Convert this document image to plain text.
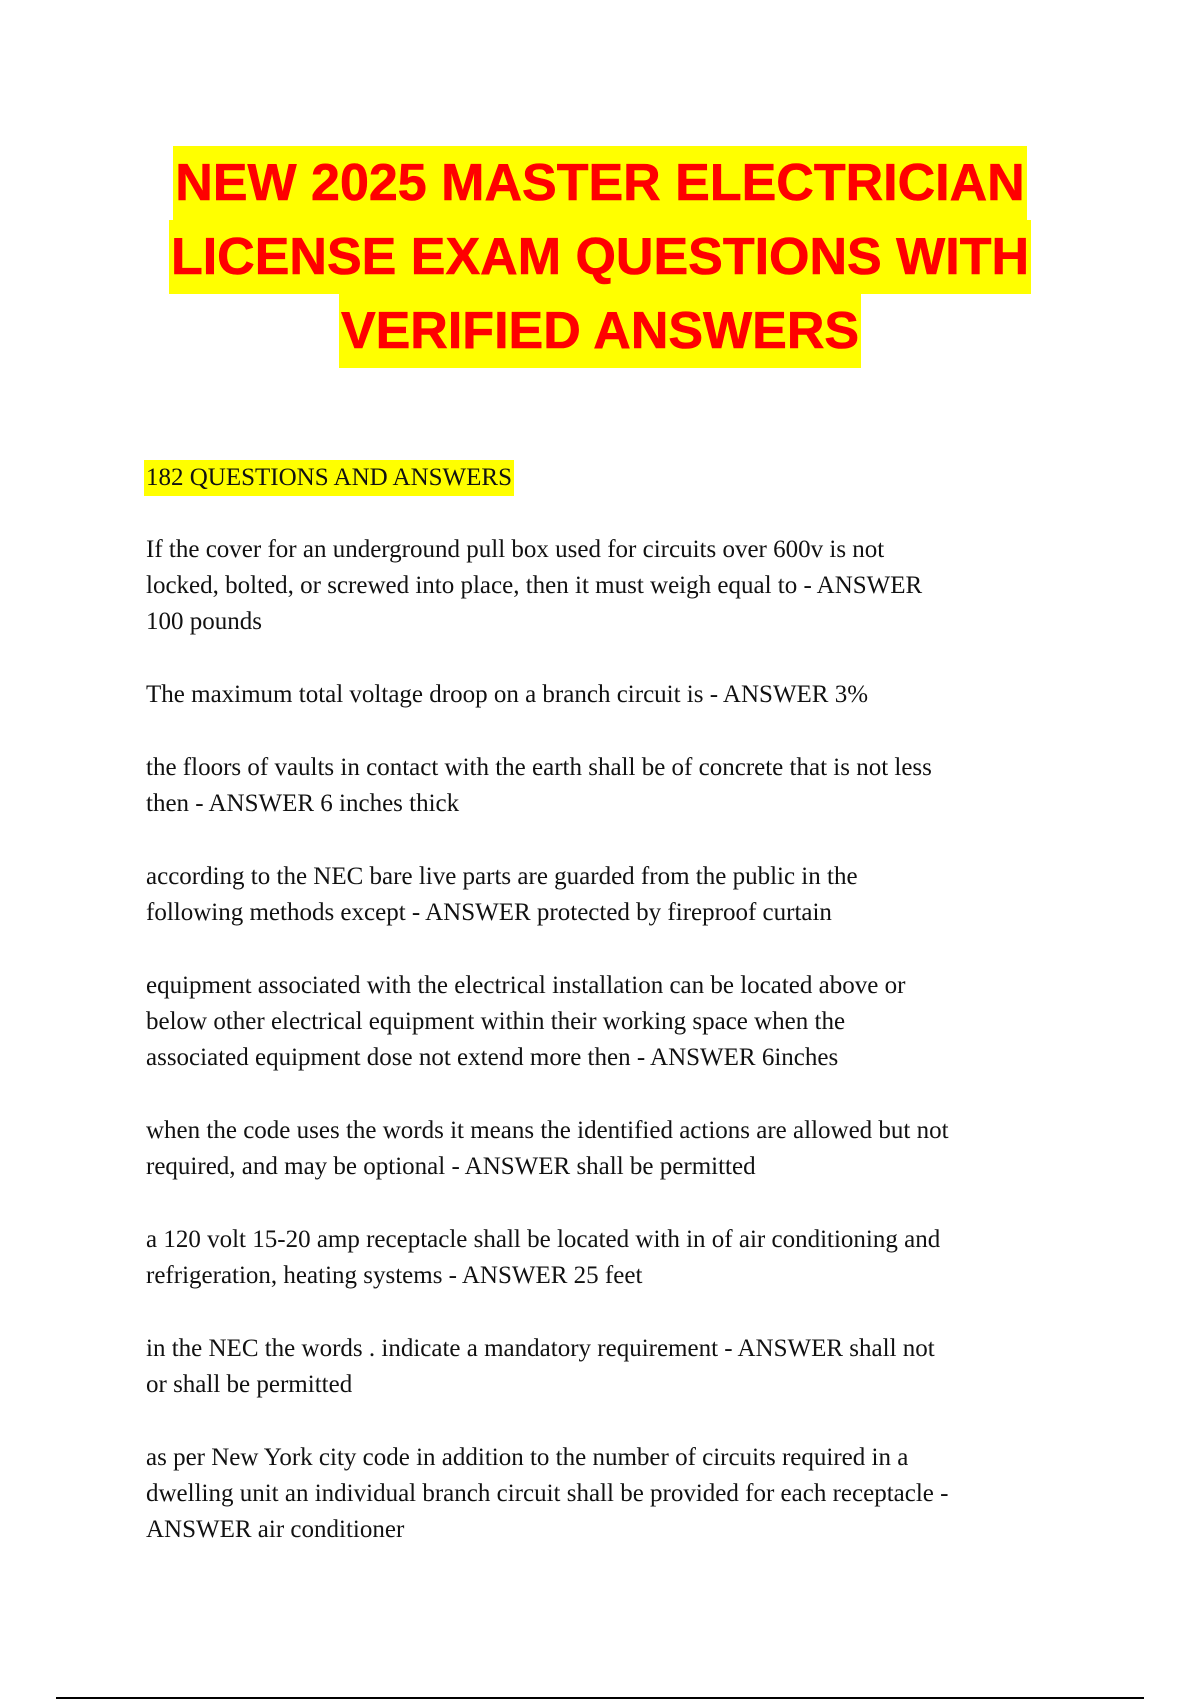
NEW 2025 MASTER ELECTRICIAN
LICENSE EXAM QUESTIONS WITH
VERIFIED ANSWERS
182 QUESTIONS AND ANSWERS
If the cover for an underground pull box used for circuits over 600v is not
locked, bolted, or screwed into place, then it must weigh equal to - ANSWER
100 pounds
The maximum total voltage droop on a branch circuit is - ANSWER 3%
the floors of vaults in contact with the earth shall be of concrete that is not less
then - ANSWER 6 inches thick
according to the NEC bare live parts are guarded from the public in the
following methods except - ANSWER protected by fireproof curtain
equipment associated with the electrical installation can be located above or
below other electrical equipment within their working space when the
associated equipment dose not extend more then - ANSWER 6inches
when the code uses the words it means the identified actions are allowed but not
required, and may be optional - ANSWER shall be permitted
a 120 volt 15-20 amp receptacle shall be located with in of air conditioning and
refrigeration, heating systems - ANSWER 25 feet
in the NEC the words . indicate a mandatory requirement - ANSWER shall not
or shall be permitted
as per New York city code in addition to the number of circuits required in a
dwelling unit an individual branch circuit shall be provided for each receptacle -
ANSWER air conditioner
